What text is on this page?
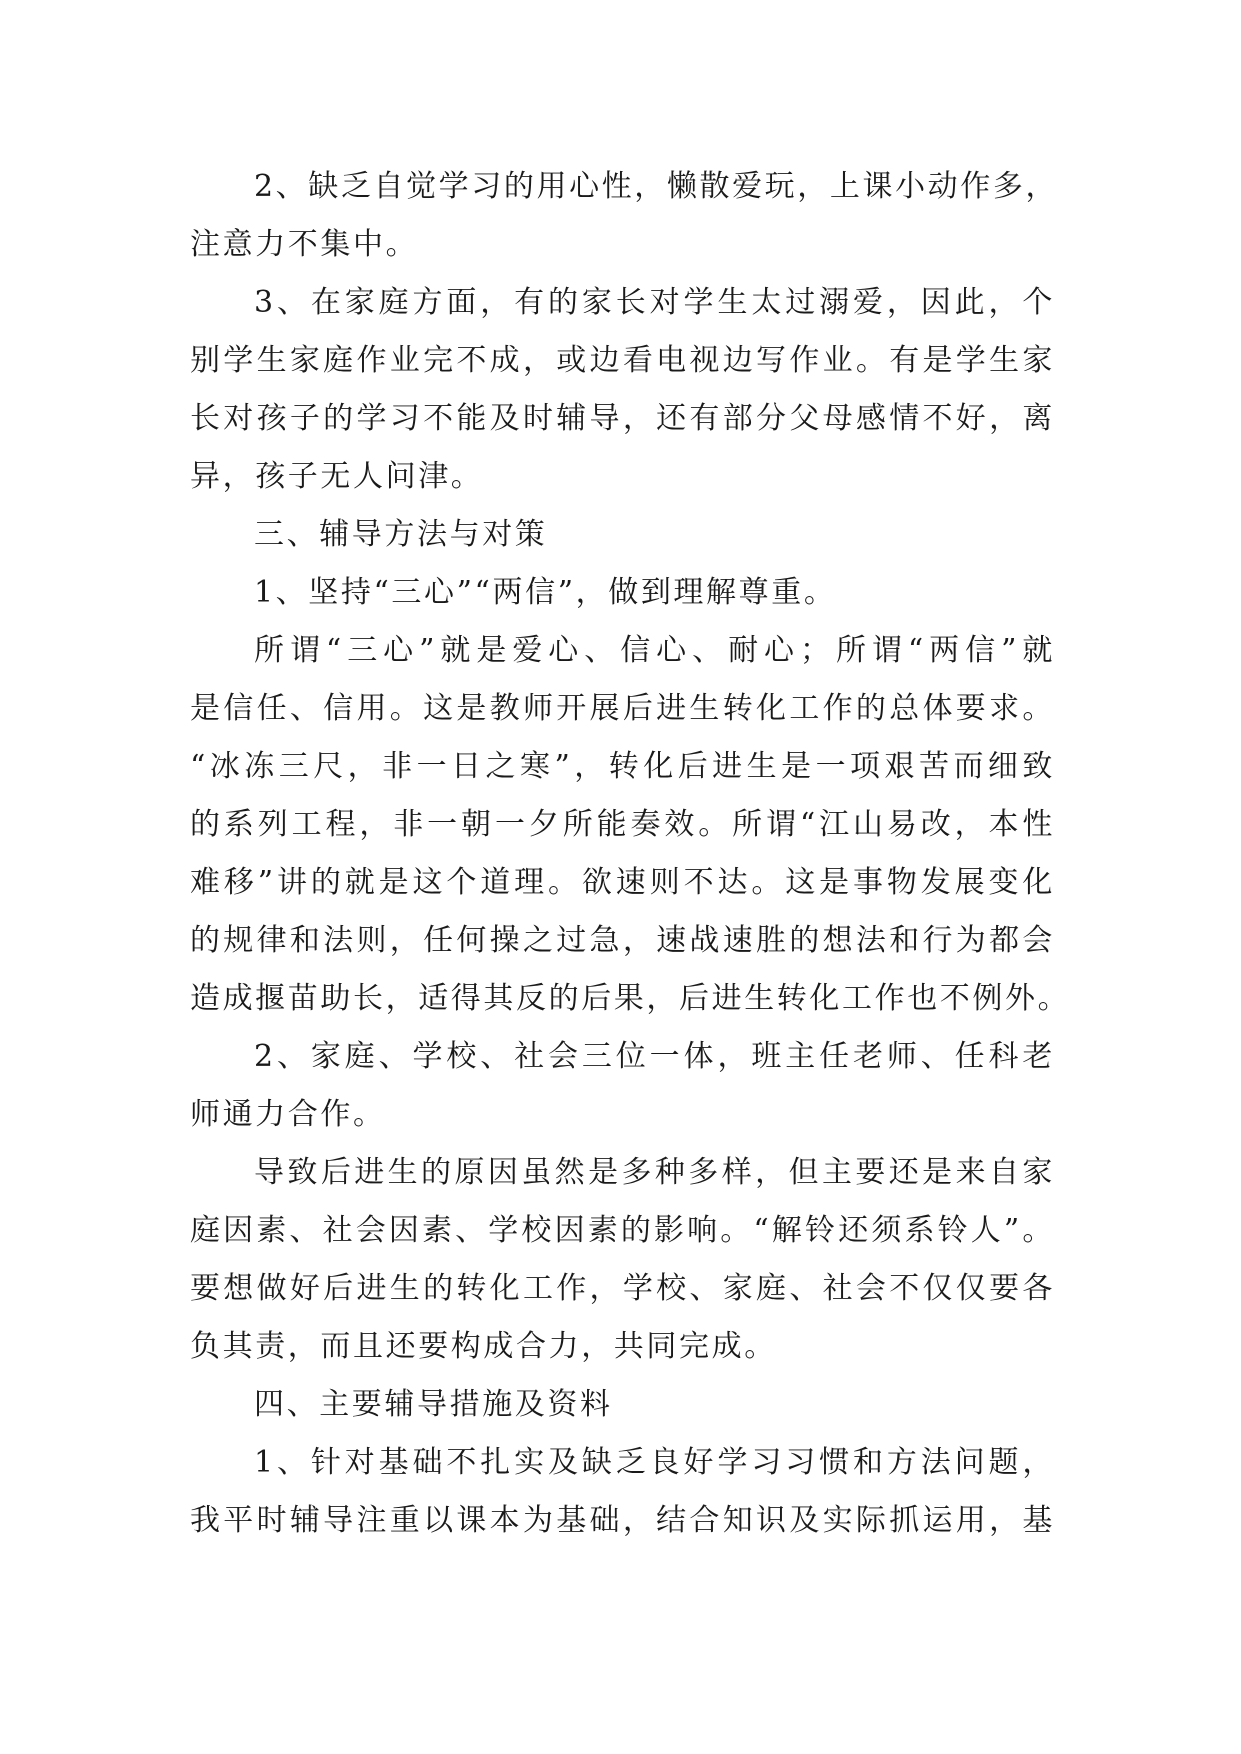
2、缺乏自觉学习的用心性，懒散爱玩，上课小动作多，
注意力不集中。
3、在家庭方面，有的家长对学生太过溺爱，因此，个
别学生家庭作业完不成，或边看电视边写作业。有是学生家
长对孩子的学习不能及时辅导，还有部分父母感情不好，离
异，孩子无人问津。
三、辅导方法与对策
1、坚持“三心”“两信”，做到理解尊重。
所谓“三心”就是爱心、信心、耐心；所谓“两信”就
是信任、信用。这是教师开展后进生转化工作的总体要求。
“冰冻三尺，非一日之寒”，转化后进生是一项艰苦而细致
的系列工程，非一朝一夕所能奏效。所谓“江山易改，本性
难移”讲的就是这个道理。欲速则不达。这是事物发展变化
的规律和法则，任何操之过急，速战速胜的想法和行为都会
造成揠苗助长，适得其反的后果，后进生转化工作也不例外。
2、家庭、学校、社会三位一体，班主任老师、任科老
师通力合作。
导致后进生的原因虽然是多种多样，但主要还是来自家
庭因素、社会因素、学校因素的影响。“解铃还须系铃人”。
要想做好后进生的转化工作，学校、家庭、社会不仅仅要各
负其责，而且还要构成合力，共同完成。
四、主要辅导措施及资料
1、针对基础不扎实及缺乏良好学习习惯和方法问题，
我平时辅导注重以课本为基础，结合知识及实际抓运用，基
